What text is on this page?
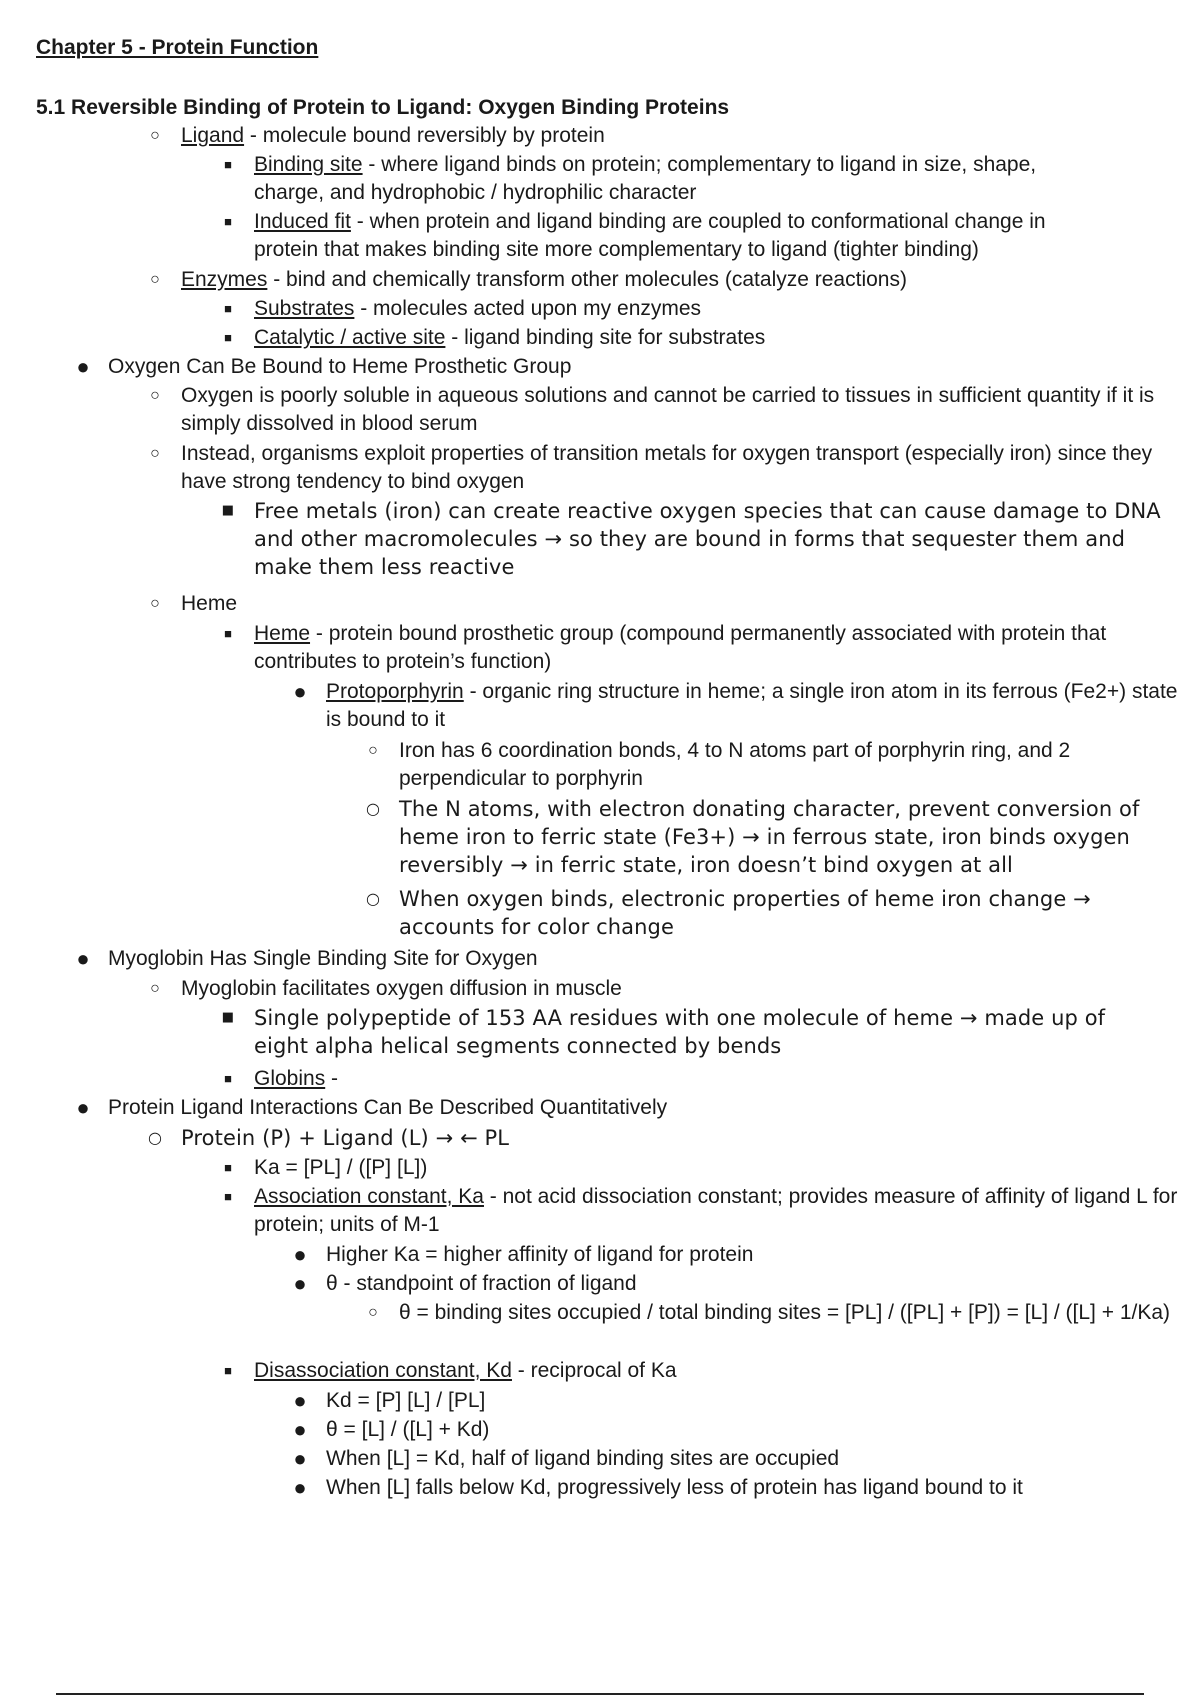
Chapter 5 - Protein Function
5.1 Reversible Binding of Protein to Ligand: Oxygen Binding Proteins
○ Ligand - molecule bound reversibly by protein
■ Binding site - where ligand binds on protein; complementary to ligand in size, shape, charge, and hydrophobic / hydrophilic character
■ Induced fit - when protein and ligand binding are coupled to conformational change in protein that makes binding site more complementary to ligand (tighter binding)
○ Enzymes - bind and chemically transform other molecules (catalyze reactions)
■ Substrates - molecules acted upon my enzymes
■ Catalytic / active site - ligand binding site for substrates
● Oxygen Can Be Bound to Heme Prosthetic Group
○ Oxygen is poorly soluble in aqueous solutions and cannot be carried to tissues in sufficient quantity if it is simply dissolved in blood serum
○ Instead, organisms exploit properties of transition metals for oxygen transport (especially iron) since they have strong tendency to bind oxygen
■ Free metals (iron) can create reactive oxygen species that can cause damage to DNA and other macromolecules → so they are bound in forms that sequester them and make them less reactive
○ Heme
■ Heme - protein bound prosthetic group (compound permanently associated with protein that contributes to protein’s function)
● Protoporphyrin - organic ring structure in heme; a single iron atom in its ferrous (Fe2+) state is bound to it
○ Iron has 6 coordination bonds, 4 to N atoms part of porphyrin ring, and 2 perpendicular to porphyrin
○ The N atoms, with electron donating character, prevent conversion of heme iron to ferric state (Fe3+) → in ferrous state, iron binds oxygen reversibly → in ferric state, iron doesn’t bind oxygen at all
○ When oxygen binds, electronic properties of heme iron change → accounts for color change
● Myoglobin Has Single Binding Site for Oxygen
○ Myoglobin facilitates oxygen diffusion in muscle
■ Single polypeptide of 153 AA residues with one molecule of heme → made up of eight alpha helical segments connected by bends
■ Globins -
● Protein Ligand Interactions Can Be Described Quantitatively
○ Protein (P) + Ligand (L) → ← PL
■ Ka = [PL] / ([P] [L])
■ Association constant, Ka - not acid dissociation constant; provides measure of affinity of ligand L for protein; units of M-1
● Higher Ka = higher affinity of ligand for protein
● θ - standpoint of fraction of ligand
○ θ = binding sites occupied / total binding sites = [PL] / ([PL] + [P]) = [L] / ([L] + 1/Ka)
■ Disassociation constant, Kd - reciprocal of Ka
● Kd = [P] [L] / [PL]
● θ = [L] / ([L] + Kd)
● When [L] = Kd, half of ligand binding sites are occupied
● When [L] falls below Kd, progressively less of protein has ligand bound to it
